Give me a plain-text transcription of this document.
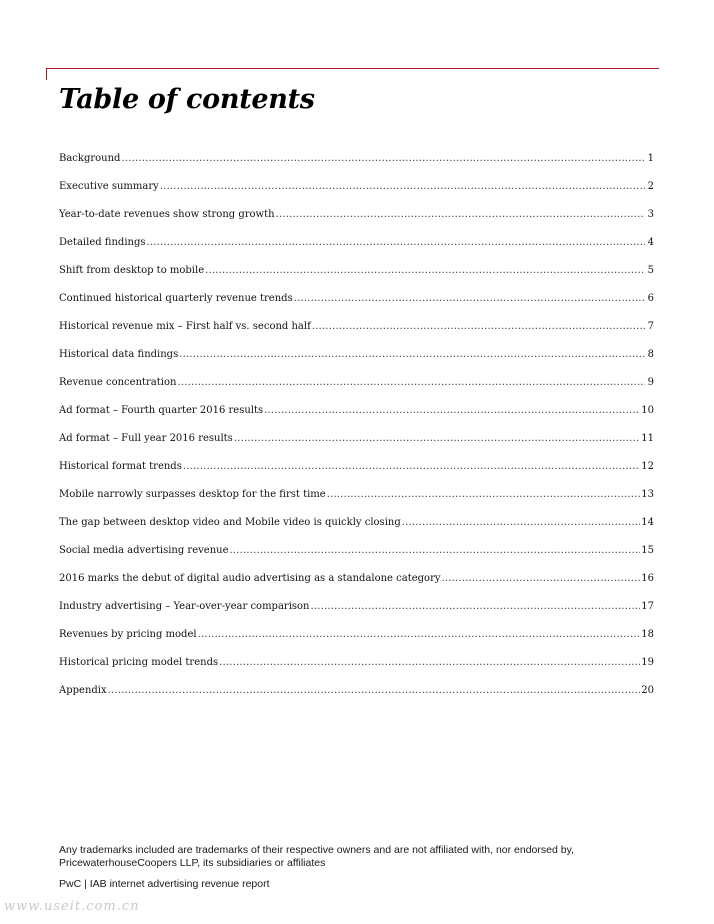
Table of contents
Background .....	1
Executive summary .....	2
Year-to-date revenues show strong growth .....	3
Detailed findings .....	4
Shift from desktop to mobile .....	5
Continued historical quarterly revenue trends .....	6
Historical revenue mix – First half vs. second half .....	7
Historical data findings .....	8
Revenue concentration .....	9
Ad format – Fourth quarter 2016 results .....	10
Ad format – Full year 2016 results .....	11
Historical format trends .....	12
Mobile narrowly surpasses desktop for the first time .....	13
The gap between desktop video and Mobile video is quickly closing .....	14
Social media advertising revenue .....	15
2016 marks the debut of digital audio advertising as a standalone category .....	16
Industry advertising – Year-over-year comparison .....	17
Revenues by pricing model .....	18
Historical pricing model trends .....	19
Appendix .....	20

Any trademarks included are trademarks of their respective owners and are not affiliated with, nor endorsed by, PricewaterhouseCoopers LLP, its subsidiaries or affiliates

PwC | IAB internet advertising revenue report

www.useit.com.cn
